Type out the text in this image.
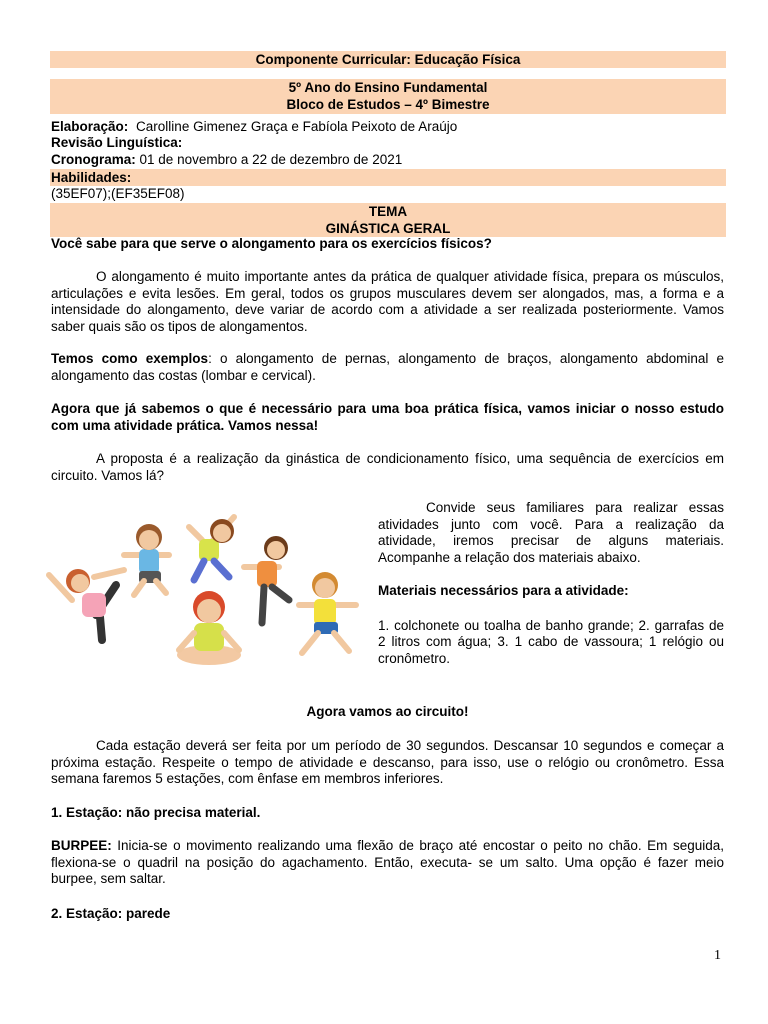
Componente Curricular: Educação Física
5º Ano do Ensino Fundamental
Bloco de Estudos – 4º Bimestre
Elaboração: Carolline Gimenez Graça e Fabíola Peixoto de Araújo
Revisão Linguística:
Cronograma: 01 de novembro a 22 de dezembro de 2021
Habilidades:
(35EF07);(EF35EF08)
TEMA
GINÁSTICA GERAL
Você sabe para que serve o alongamento para os exercícios físicos?
O alongamento é muito importante antes da prática de qualquer atividade física, prepara os músculos, articulações e evita lesões. Em geral, todos os grupos musculares devem ser alongados, mas, a forma e a intensidade do alongamento, deve variar de acordo com a atividade a ser realizada posteriormente. Vamos saber quais são os tipos de alongamentos.
Temos como exemplos: o alongamento de pernas, alongamento de braços, alongamento abdominal e alongamento das costas (lombar e cervical).
Agora que já sabemos o que é necessário para uma boa prática física, vamos iniciar o nosso estudo com uma atividade prática. Vamos nessa!
A proposta é a realização da ginástica de condicionamento físico, uma sequência de exercícios em circuito. Vamos lá?
Convide seus familiares para realizar essas atividades junto com você. Para a realização da atividade, iremos precisar de alguns materiais. Acompanhe a relação dos materiais abaixo.
Materiais necessários para a atividade:
1. colchonete ou toalha de banho grande; 2. garrafas de 2 litros com água; 3. 1 cabo de vassoura; 1 relógio ou cronômetro.
Agora vamos ao circuito!
Cada estação deverá ser feita por um período de 30 segundos. Descansar 10 segundos e começar a próxima estação. Respeite o tempo de atividade e descanso, para isso, use o relógio ou cronômetro. Essa semana faremos 5 estações, com ênfase em membros inferiores.
1. Estação: não precisa material.
BURPEE: Inicia-se o movimento realizando uma flexão de braço até encostar o peito no chão. Em seguida, flexiona-se o quadril na posição do agachamento. Então, executa- se um salto. Uma opção é fazer meio burpee, sem saltar.
2. Estação: parede
1
